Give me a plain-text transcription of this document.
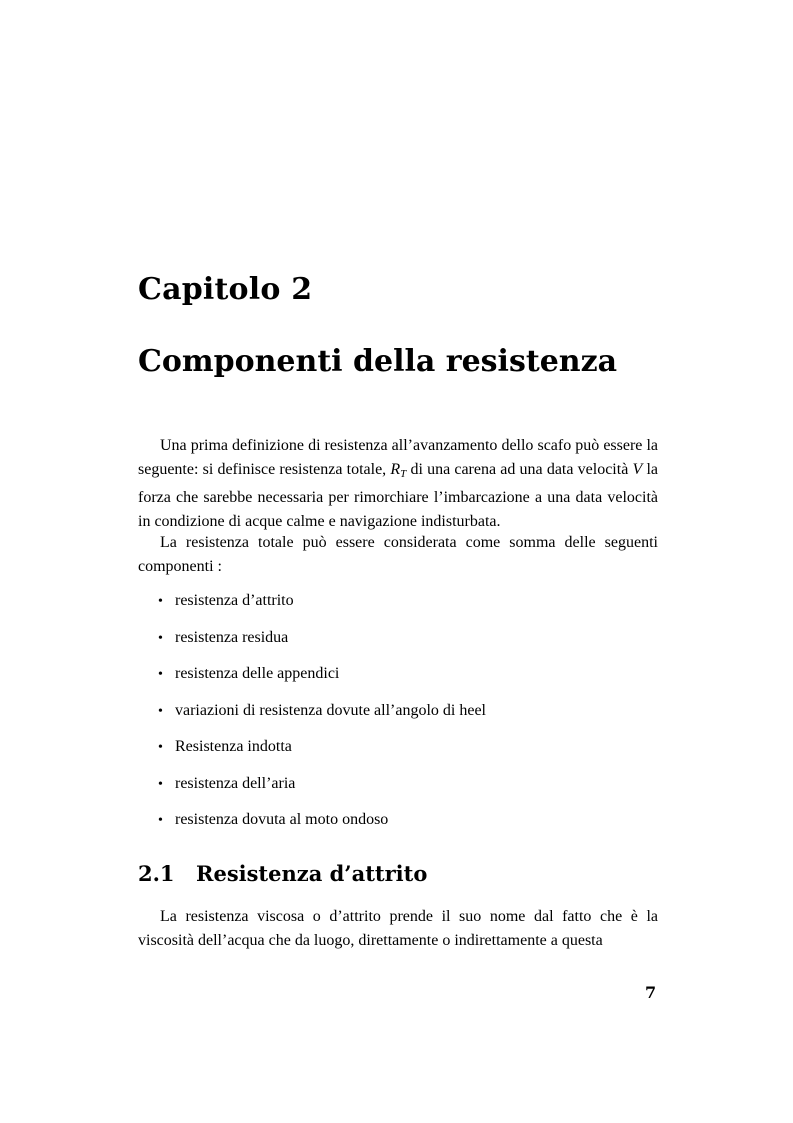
Capitolo 2
Componenti della resistenza

Una prima definizione di resistenza all’avanzamento dello scafo può essere la seguente: si definisce resistenza totale, $R_T$ di una carena ad una data velocità V la forza che sarebbe necessaria per rimorchiare l’imbarcazione a una data velocità in condizione di acque calme e navigazione indisturbata.

La resistenza totale può essere considerata come somma delle seguenti componenti :

• resistenza d’attrito
• resistenza residua
• resistenza delle appendici
• variazioni di resistenza dovute all’angolo di heel
• Resistenza indotta
• resistenza dell’aria
• resistenza dovuta al moto ondoso
2.1 Resistenza d’attrito

La resistenza viscosa o d’attrito prende il suo nome dal fatto che è la viscosità dell’acqua che da luogo, direttamente o indirettamente a questa

7
